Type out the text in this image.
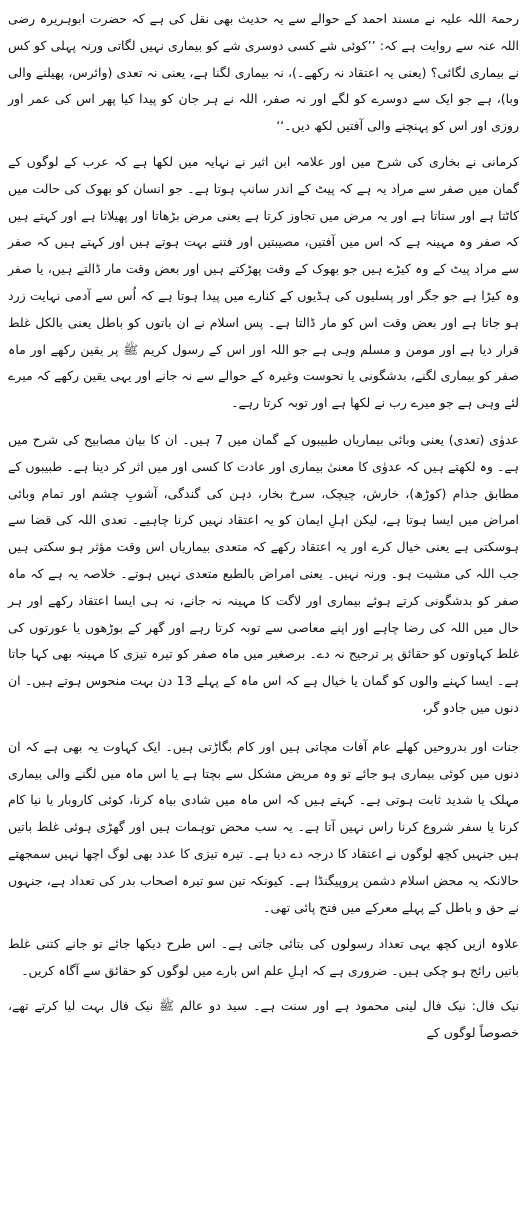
رحمۃ اللہ علیہ نے مسند احمد کے حوالے سے یہ حدیث بھی نقل کی ہے کہ حضرت ابوہریرہ رضی اللہ عنہ سے روایت ہے کہ: ’’کوئی شے کسی دوسری شے کو بیماری نہیں لگاتی ورنہ پہلی کو کس نے بیماری لگائی؟ (یعنی یہ اعتقاد نہ رکھے۔)، نہ بیماری لگنا ہے، یعنی نہ تعدی (وائرس، پھیلنے والی وبا)، ہے جو ایک سے دوسرے کو لگے اور نہ صفر، اللہ نے ہر جان کو پیدا کیا پھر اس کی عمر اور روزی اور اس کو پہنچنے والی آفتیں لکھ دیں۔‘‘

کرمانی نے بخاری کی شرح میں اور علامہ ابن اثیر نے نہایہ میں لکھا ہے کہ عرب کے لوگوں کے گمان میں صفر سے مراد یہ ہے کہ پیٹ کے اندر سانپ ہوتا ہے۔ جو انسان کو بھوک کی حالت میں کاٹتا ہے اور ستاتا ہے اور یہ مرض میں تجاوز کرتا ہے یعنی مرض بڑھاتا اور پھیلاتا ہے اور کہتے ہیں کہ صفر وہ مہینہ ہے کہ اس میں آفتیں، مصیبتیں اور فتنے بہت ہوتے ہیں اور کہتے ہیں کہ صفر سے مراد پیٹ کے وہ کیڑے ہیں جو بھوک کے وقت پھڑکتے ہیں اور بعض وقت مار ڈالتے ہیں، یا صفر وہ کیڑا ہے جو جگر اور پسلیوں کی ہڈیوں کے کنارے میں پیدا ہوتا ہے کہ اُس سے آدمی نہایت زرد ہو جاتا ہے اور بعض وقت اس کو مار ڈالتا ہے۔ پس اسلام نے ان باتوں کو باطل یعنی بالکل غلط قرار دیا ہے اور مومن و مسلم وہی ہے جو اللہ اور اس کے رسول کریم ﷺ پر یقین رکھے اور ماہ صفر کو بیماری لگنے، بدشگونی یا نحوست وغیرہ کے حوالے سے نہ جانے اور یہی یقین رکھے کہ میرے لئے وہی ہے جو میرے رب نے لکھا ہے اور توبہ کرتا رہے۔

عدوٰی (تعدی) یعنی وبائی بیماریاں طبیبوں کے گمان میں 7 ہیں۔ ان کا بیان مصابیح کی شرح میں ہے۔ وہ لکھتے ہیں کہ عدوٰی کا معنیٰ بیماری اور عادت کا کسی اور میں اثر کر دینا ہے۔ طبیبوں کے مطابق جذام (کوڑھ)، خارش، چیچک، سرخ بخار، دہن کی گندگی، آشوبِ چشم اور تمام وبائی امراض میں ایسا ہوتا ہے، لیکن اہلِ ایمان کو یہ اعتقاد نہیں کرنا چاہیے۔ تعدی اللہ کی قضا سے ہوسکتی ہے یعنی خیال کرے اور یہ اعتقاد رکھے کہ متعدی بیماریاں اس وقت مؤثر ہو سکتی ہیں جب اللہ کی مشیت ہو۔ ورنہ نہیں۔ یعنی امراض بالطبع متعدی نہیں ہوتے۔ خلاصہ یہ ہے کہ ماہ صفر کو بدشگونی کرتے ہوئے بیماری اور لاگت کا مہینہ نہ جانے، نہ ہی ایسا اعتقاد رکھے اور ہر حال میں اللہ کی رضا چاہے اور اپنے معاصی سے توبہ کرتا رہے اور گھر کے بوڑھوں یا عورتوں کی غلط کہاوتوں کو حقائق پر ترجیح نہ دے۔ برصغیر میں ماہ صفر کو تیرہ تیزی کا مہینہ بھی کہا جاتا ہے۔ ایسا کہنے والوں کو گمان یا خیال ہے کہ اس ماہ کے پہلے 13 دن بہت منحوس ہوتے ہیں۔ ان دنوں میں جادو گر،

جنات اور بدروحیں کھلے عام آفات مچاتی ہیں اور کام بگاڑتی ہیں۔ ایک کہاوت یہ بھی ہے کہ ان دنوں میں کوئی بیماری ہو جائے تو وہ مریض مشکل سے بچتا ہے یا اس ماہ میں لگنے والی بیماری مہلک یا شدید ثابت ہوتی ہے۔ کہتے ہیں کہ اس ماہ میں شادی بیاہ کرنا، کوئی کاروبار یا نیا کام کرنا یا سفر شروع کرنا راس نہیں آتا ہے۔ یہ سب محض توہمات ہیں اور گھڑی ہوئی غلط باتیں ہیں جنہیں کچھ لوگوں نے اعتقاد کا درجہ دے دیا ہے۔ تیرہ تیزی کا عدد بھی لوگ اچھا نہیں سمجھتے حالانکہ یہ محض اسلام دشمن پروپیگنڈا ہے۔ کیونکہ تین سو تیرہ اصحاب بدر کی تعداد ہے، جنہوں نے حق و باطل کے پہلے معرکے میں فتح پائی تھی۔

علاوہ ازیں کچھ یہی تعداد رسولوں کی بتائی جاتی ہے۔ اس طرح دیکھا جائے تو جانے کتنی غلط باتیں رائج ہو چکی ہیں۔ ضروری ہے کہ اہلِ علم اس بارے میں لوگوں کو حقائق سے آگاہ کریں۔

نیک فال: نیک فال لینی محمود ہے اور سنت ہے۔ سید دو عالم ﷺ نیک فال بہت لیا کرتے تھے، خصوصاً لوگوں کے
